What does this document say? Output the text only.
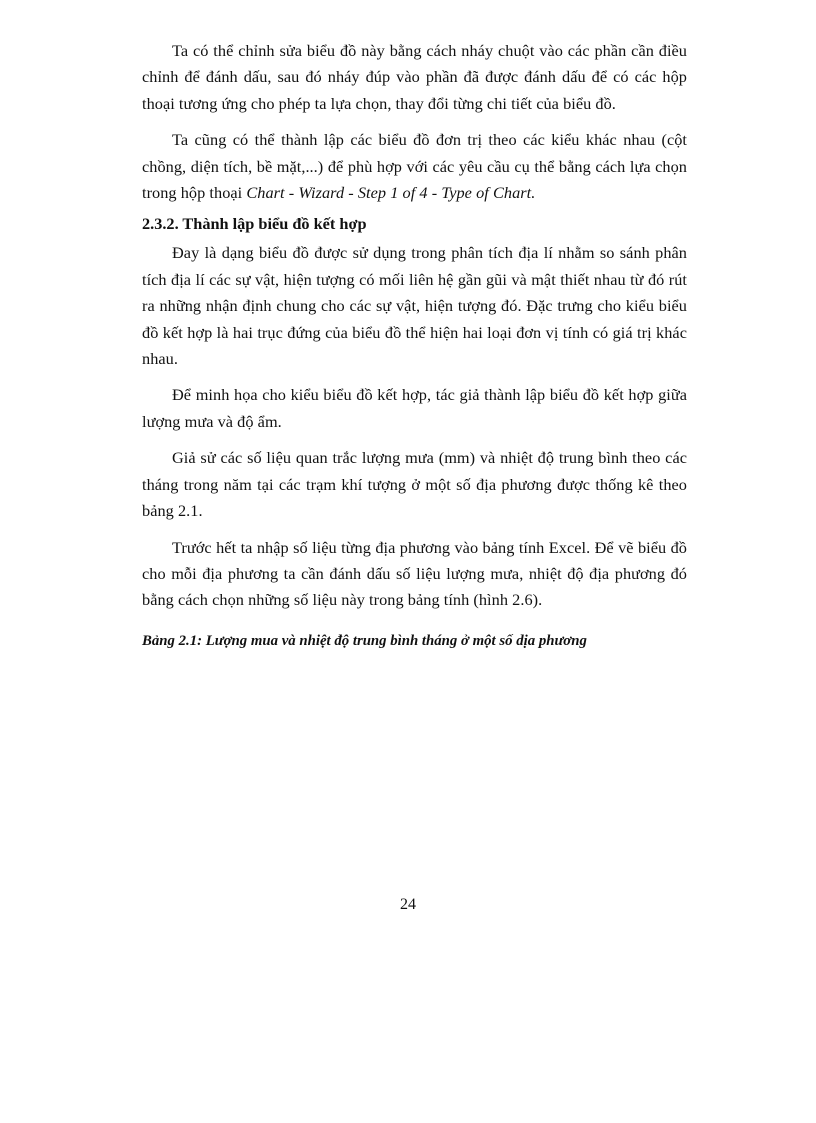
Ta có thể chỉnh sửa biểu đồ này bằng cách nháy chuột vào các phần cần điều chỉnh để đánh dấu, sau đó nháy đúp vào phần đã được đánh dấu để có các hộp thoại tương ứng cho phép ta lựa chọn, thay đổi từng chi tiết của biểu đồ.

Ta cũng có thể thành lập các biểu đồ đơn trị theo các kiểu khác nhau (cột chồng, diện tích, bề mặt,...) để phù hợp với các yêu cầu cụ thể bằng cách lựa chọn trong hộp thoại Chart - Wizard - Step 1 of 4 - Type of Chart.

2.3.2. Thành lập biểu đồ kết hợp

Đay là dạng biểu đồ được sử dụng trong phân tích địa lí nhằm so sánh phân tích địa lí các sự vật, hiện tượng có mối liên hệ gần gũi và mật thiết nhau từ đó rút ra những nhận định chung cho các sự vật, hiện tượng đó. Đặc trưng cho kiểu biểu đồ kết hợp là hai trục đứng của biểu đồ thể hiện hai loại đơn vị tính có giá trị khác nhau.

Để minh họa cho kiểu biểu đồ kết hợp, tác giả thành lập biểu đồ kết hợp giữa lượng mưa và độ ẩm.

Giả sử các số liệu quan trắc lượng mưa (mm) và nhiệt độ trung bình theo các tháng trong năm tại các trạm khí tượng ở một số địa phương được thống kê theo bảng 2.1.

Trước hết ta nhập số liệu từng địa phương vào bảng tính Excel. Để vẽ biểu đồ cho mỗi địa phương ta cần đánh dấu số liệu lượng mưa, nhiệt độ địa phương đó bằng cách chọn những số liệu này trong bảng tính (hình 2.6).

Bảng 2.1: Lượng mua và nhiệt độ trung bình tháng ở một số dịa phương
24
